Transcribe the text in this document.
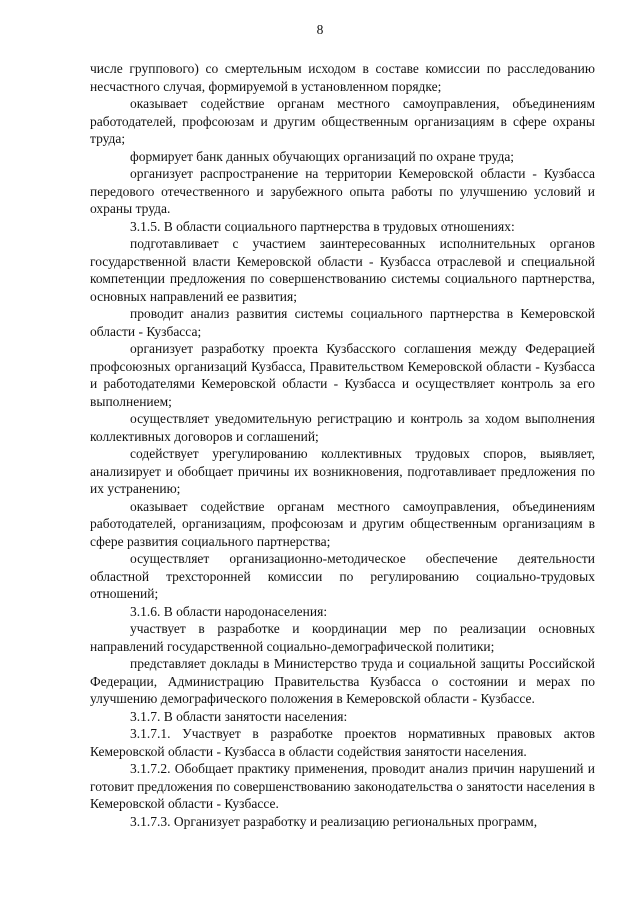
8

числе группового) со смертельным исходом в составе комиссии по расследованию несчастного случая, формируемой в установленном порядке;

оказывает содействие органам местного самоуправления, объединениям работодателей, профсоюзам и другим общественным организациям в сфере охраны труда;

формирует банк данных обучающих организаций по охране труда;

организует распространение на территории Кемеровской области - Кузбасса передового отечественного и зарубежного опыта работы по улучшению условий и охраны труда.

3.1.5. В области социального партнерства в трудовых отношениях:

подготавливает с участием заинтересованных исполнительных органов государственной власти Кемеровской области - Кузбасса отраслевой и специальной компетенции предложения по совершенствованию системы социального партнерства, основных направлений ее развития;

проводит анализ развития системы социального партнерства в Кемеровской области - Кузбасса;

организует разработку проекта Кузбасского соглашения между Федерацией профсоюзных организаций Кузбасса, Правительством Кемеровской области - Кузбасса и работодателями Кемеровской области - Кузбасса и осуществляет контроль за его выполнением;

осуществляет уведомительную регистрацию и контроль за ходом выполнения коллективных договоров и соглашений;

содействует урегулированию коллективных трудовых споров, выявляет, анализирует и обобщает причины их возникновения, подготавливает предложения по их устранению;

оказывает содействие органам местного самоуправления, объединениям работодателей, организациям, профсоюзам и другим общественным организациям в сфере развития социального партнерства;

осуществляет организационно-методическое обеспечение деятельности областной трехсторонней комиссии по регулированию социально-трудовых отношений;

3.1.6. В области народонаселения:

участвует в разработке и координации мер по реализации основных направлений государственной социально-демографической политики;

представляет доклады в Министерство труда и социальной защиты Российской Федерации, Администрацию Правительства Кузбасса о состоянии и мерах по улучшению демографического положения в Кемеровской области - Кузбассе.

3.1.7. В области занятости населения:

3.1.7.1. Участвует в разработке проектов нормативных правовых актов Кемеровской области - Кузбасса в области содействия занятости населения.

3.1.7.2. Обобщает практику применения, проводит анализ причин нарушений и готовит предложения по совершенствованию законодательства о занятости населения в Кемеровской области - Кузбассе.

3.1.7.3. Организует разработку и реализацию региональных программ,
